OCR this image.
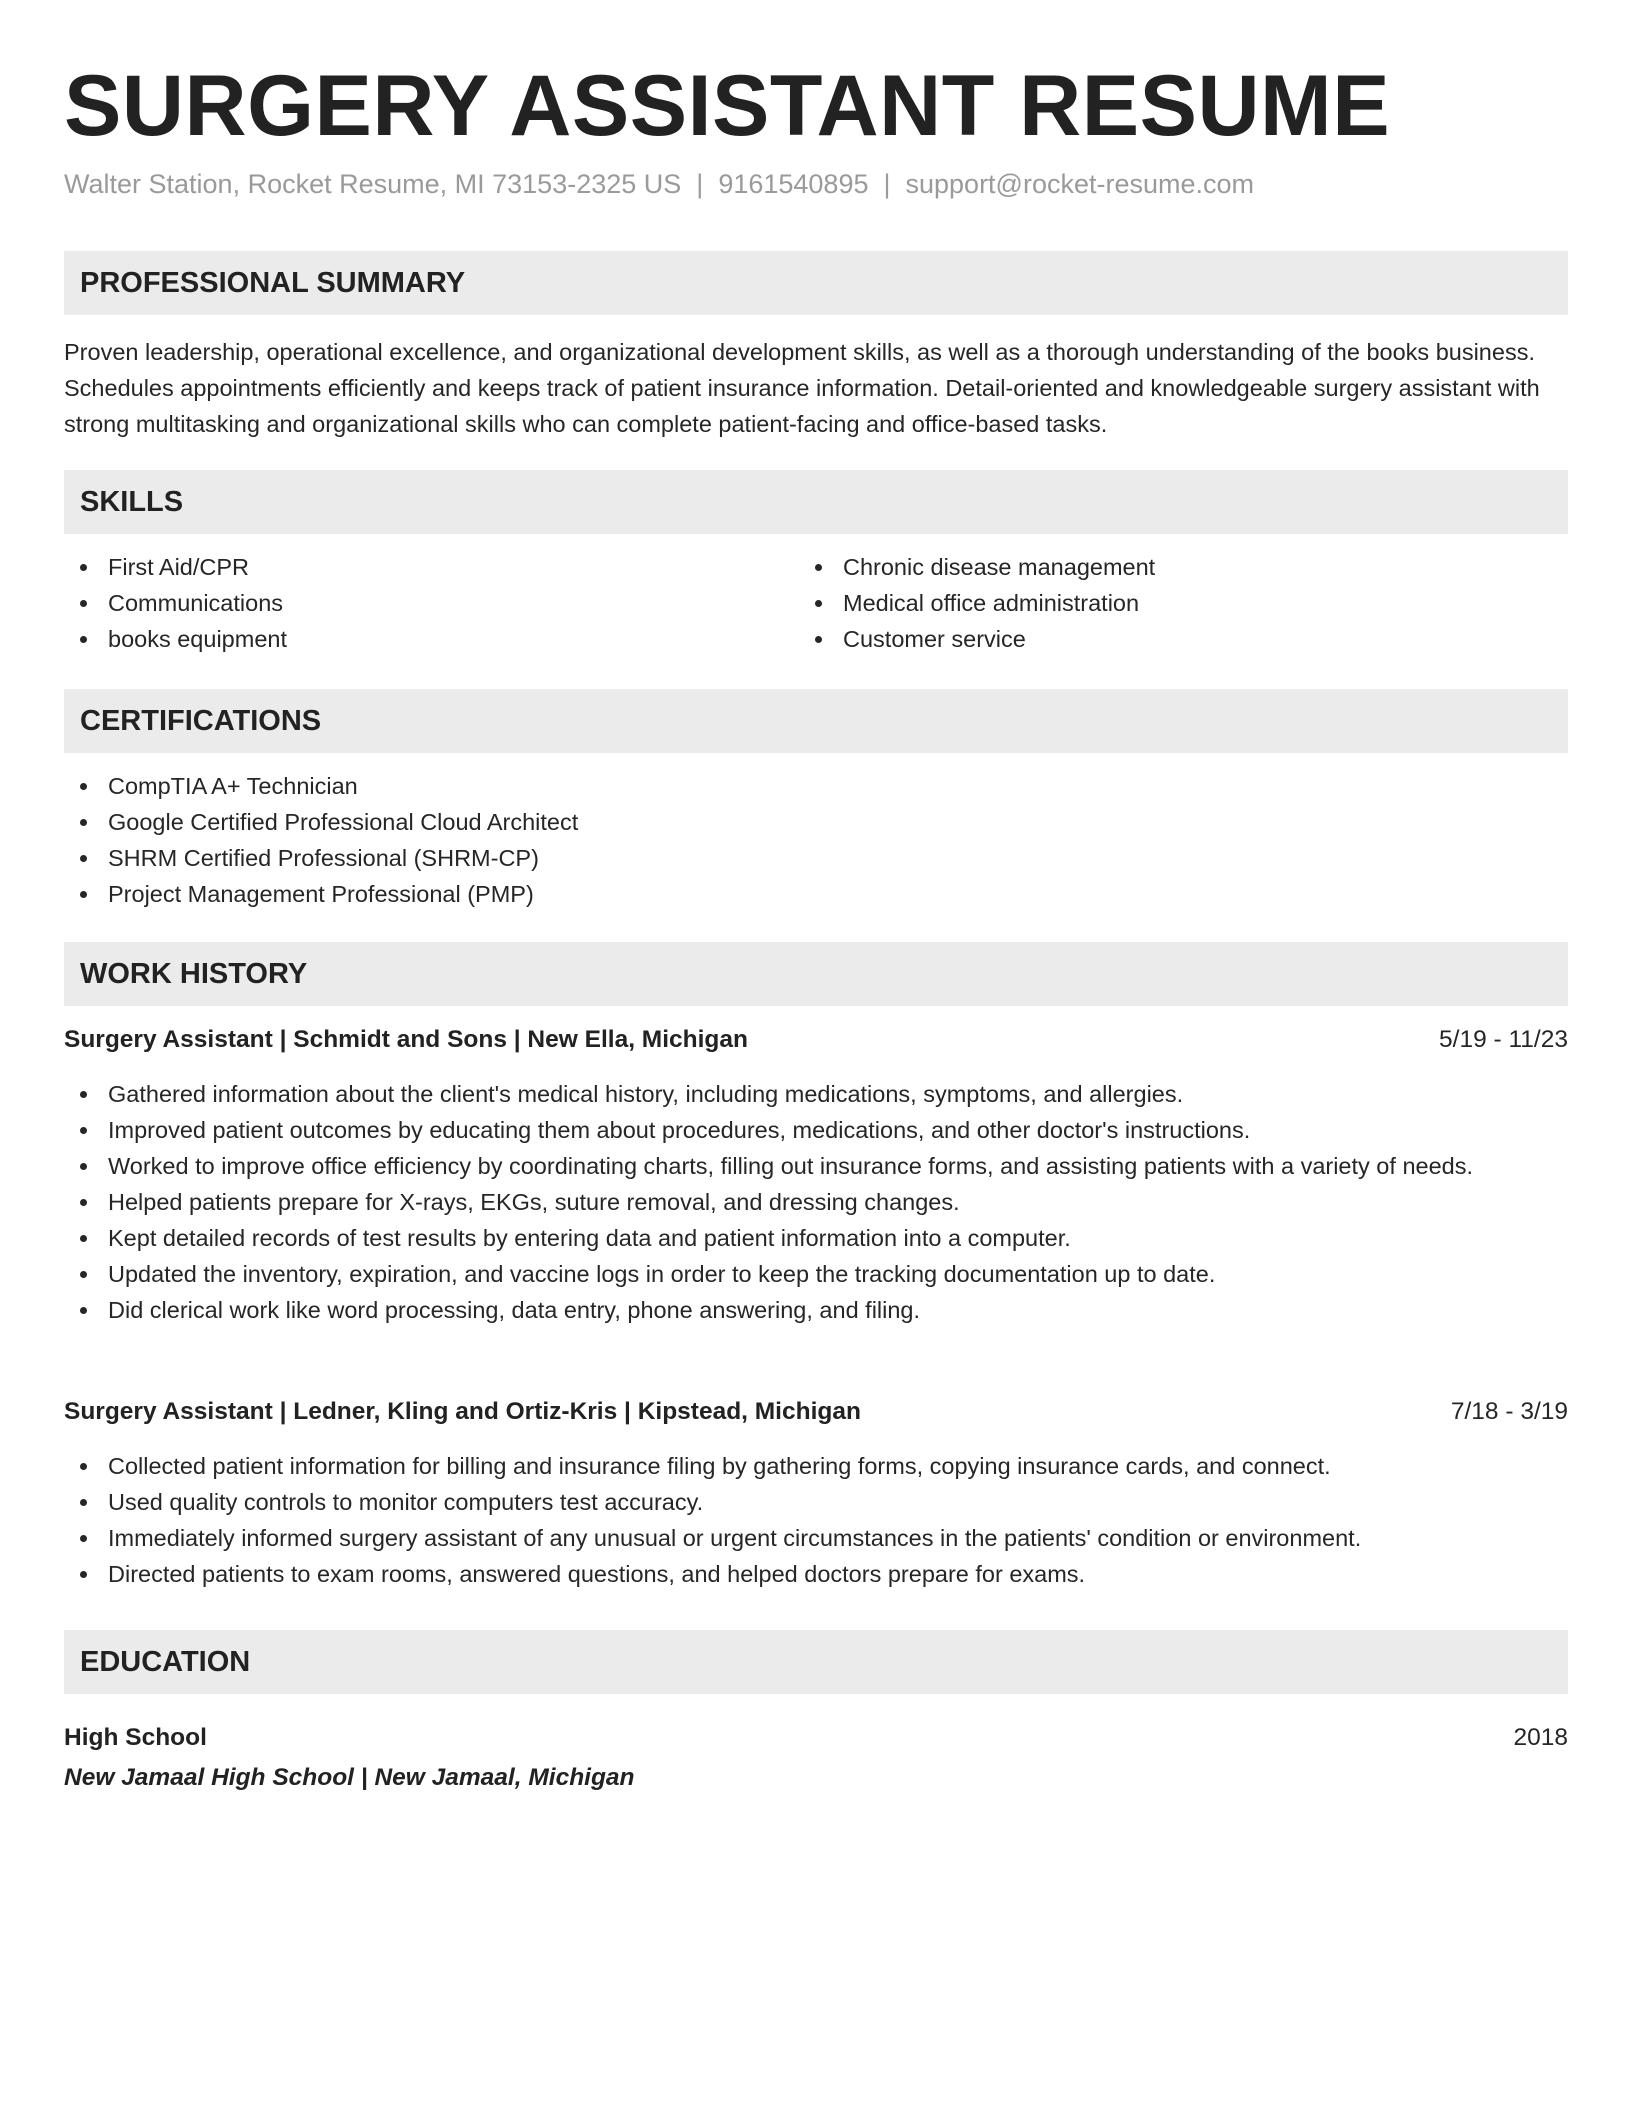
SURGERY ASSISTANT RESUME
Walter Station, Rocket Resume, MI 73153-2325 US | 9161540895 | support@rocket-resume.com
PROFESSIONAL SUMMARY

Proven leadership, operational excellence, and organizational development skills, as well as a thorough understanding of the books business. Schedules appointments efficiently and keeps track of patient insurance information. Detail-oriented and knowledgeable surgery assistant with strong multitasking and organizational skills who can complete patient-facing and office-based tasks.

SKILLS
First Aid/CPR
Communications
books equipment
Chronic disease management
Medical office administration
Customer service
CERTIFICATIONS
CompTIA A+ Technician
Google Certified Professional Cloud Architect
SHRM Certified Professional (SHRM-CP)
Project Management Professional (PMP)
WORK HISTORY
Surgery Assistant | Schmidt and Sons | New Ella, Michigan	5/19 - 11/23
Gathered information about the client's medical history, including medications, symptoms, and allergies.
Improved patient outcomes by educating them about procedures, medications, and other doctor's instructions.
Worked to improve office efficiency by coordinating charts, filling out insurance forms, and assisting patients with a variety of needs.
Helped patients prepare for X-rays, EKGs, suture removal, and dressing changes.
Kept detailed records of test results by entering data and patient information into a computer.
Updated the inventory, expiration, and vaccine logs in order to keep the tracking documentation up to date.
Did clerical work like word processing, data entry, phone answering, and filing.
Surgery Assistant | Ledner, Kling and Ortiz-Kris | Kipstead, Michigan	7/18 - 3/19
Collected patient information for billing and insurance filing by gathering forms, copying insurance cards, and connect.
Used quality controls to monitor computers test accuracy.
Immediately informed surgery assistant of any unusual or urgent circumstances in the patients' condition or environment.
Directed patients to exam rooms, answered questions, and helped doctors prepare for exams.
EDUCATION
High School	2018
New Jamaal High School | New Jamaal, Michigan
